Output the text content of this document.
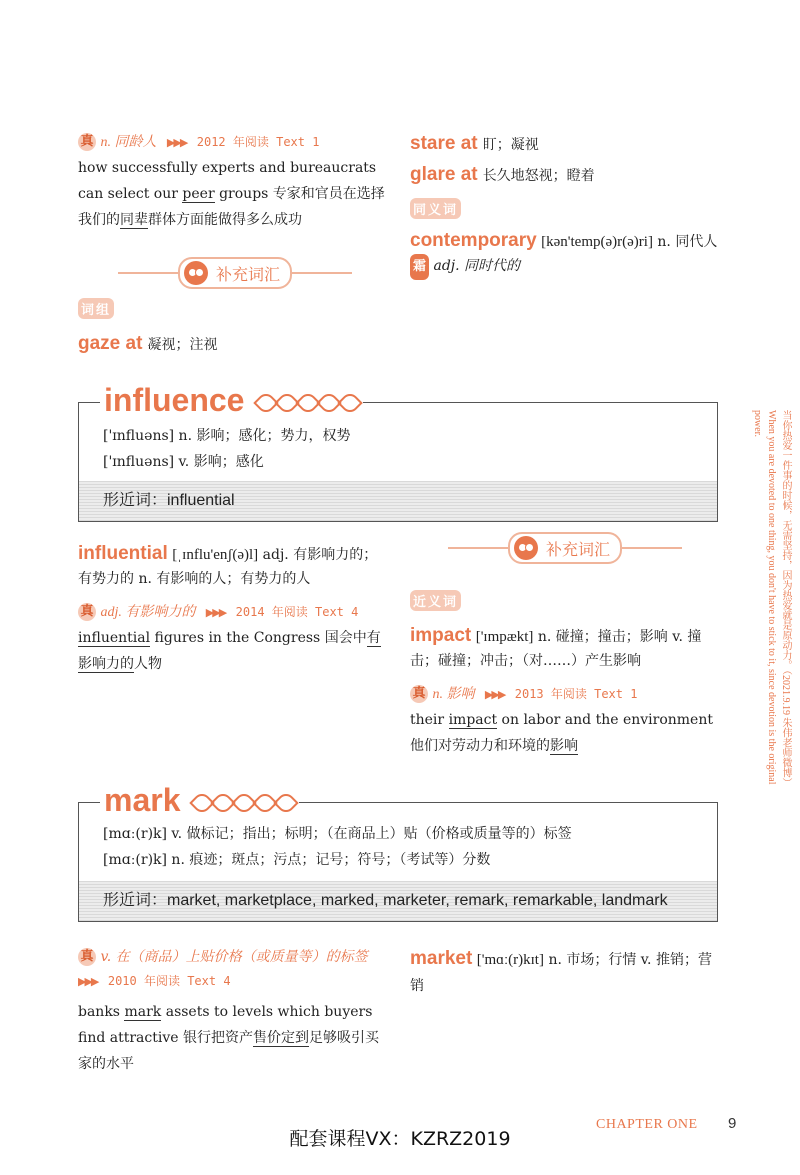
真 n. 同龄人 ▶▶▶ 2012 年阅读 Text 1
how successfully experts and bureaucrats can select our peer groups 专家和官员在选择我们的同辈群体方面能做得多么成功
stare at 盯；凝视
glare at 长久地怒视；瞪着
同义词
contemporary [kən'temp(ə)r(ə)ri] n. 同代人 霜 adj. 同时代的
补充词汇
词组
gaze at 凝视；注视
['ɪnfluəns] n. 影响；感化；势力，权势
['ɪnfluəns] v. 影响；感化
形近词：influential
influence
influential [ˌɪnflu'enʃ(ə)l] adj. 有影响力的；有势力的 n. 有影响的人；有势力的人
真 adj. 有影响力的 ▶▶▶ 2014 年阅读 Text 4
influential figures in the Congress 国会中有影响力的人物
补充词汇
近义词
impact ['ɪmpækt] n. 碰撞；撞击；影响 v. 撞击；碰撞；冲击；（对……）产生影响
真 n. 影响 ▶▶▶ 2013 年阅读 Text 1
their impact on labor and the environment 他们对劳动力和环境的影响
[mɑː(r)k] v. 做标记；指出；标明；（在商品上）贴（价格或质量等的）标签
[mɑː(r)k] n. 痕迹；斑点；污点；记号；符号；（考试等）分数
形近词：market, marketplace, marked, marketer, remark, remarkable, landmark
mark
真 v. 在（商品）上贴价格（或质量等）的标签
▶▶▶ 2010 年阅读 Text 4
banks mark assets to levels which buyers find attractive 银行把资产售价定到足够吸引买家的水平
market ['mɑː(r)kɪt] n. 市场；行情 v. 推销；营销
当你热爱一件事的时候，无需坚持，因为热爱就是原动力。（2021.9.19 朱伟老师微博） When you are devoted to one thing, you don't have to stick to it, since devotion is the original power.
配套课程VX：KZRZ2019
CHAPTER ONE 9
